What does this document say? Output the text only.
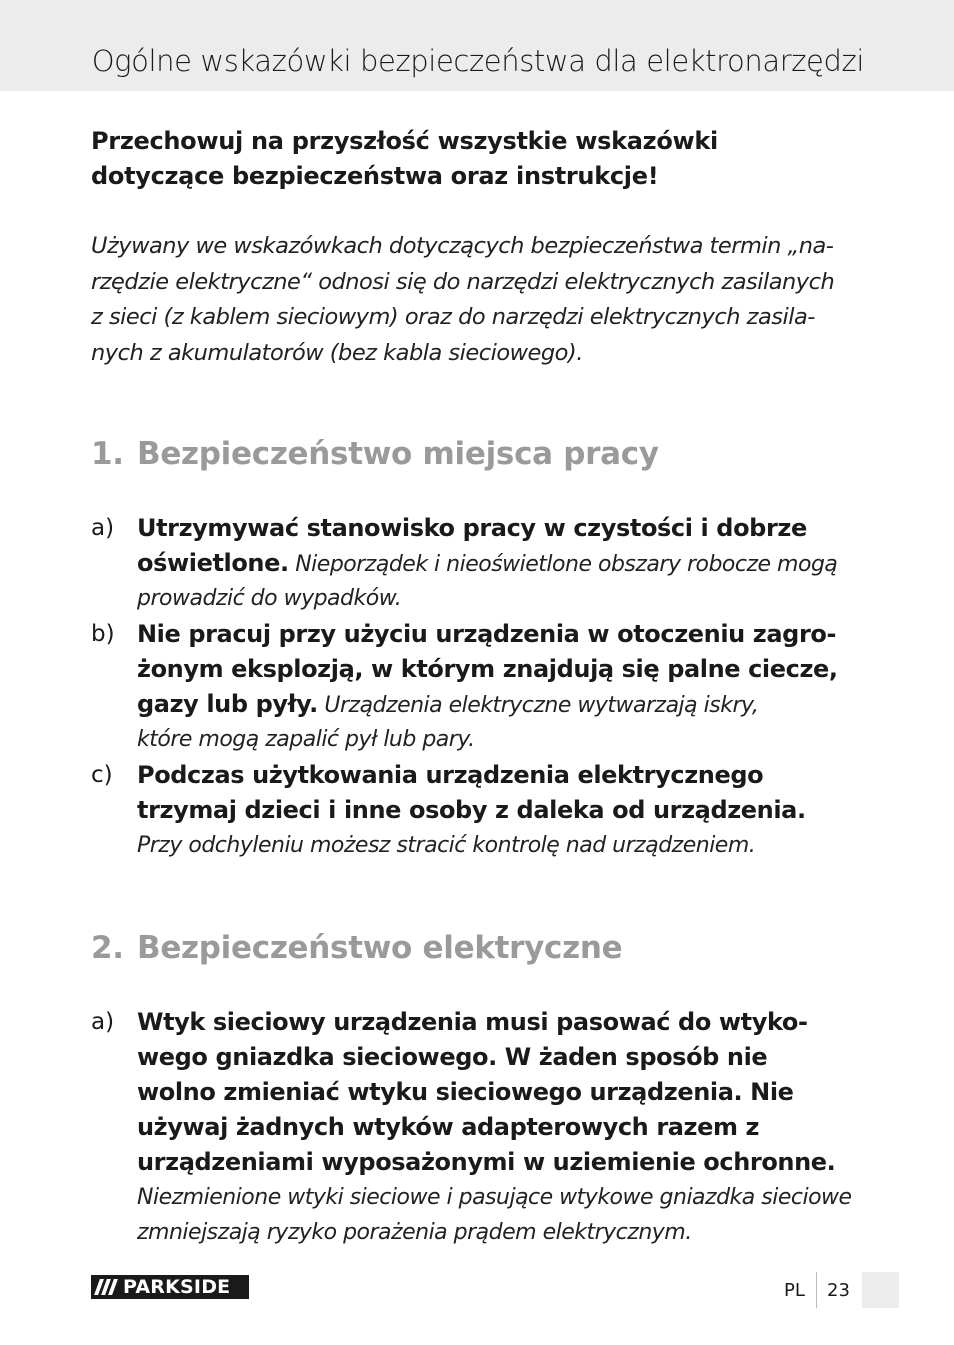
Ogólne wskazówki bezpieczeństwa dla elektronarzędzi
Przechowuj na przyszłość wszystkie wskazówki
dotyczące bezpieczeństwa oraz instrukcje!
Używany we wskazówkach dotyczących bezpieczeństwa termin „na-
rzędzie elektryczne“ odnosi się do narzędzi elektrycznych zasilanych
z sieci (z kablem sieciowym) oraz do narzędzi elektrycznych zasila-
nych z akumulatorów (bez kabla sieciowego).
1. Bezpieczeństwo miejsca pracy
a) Utrzymywać stanowisko pracy w czystości i dobrze
oświetlone. Nieporządek i nieoświetlone obszary robocze mogą
prowadzić do wypadków.
b) Nie pracuj przy użyciu urządzenia w otoczeniu zagro-
żonym eksplozją, w którym znajdują się palne ciecze,
gazy lub pyły. Urządzenia elektryczne wytwarzają iskry,
które mogą zapalić pył lub pary.
c) Podczas użytkowania urządzenia elektrycznego
trzymaj dzieci i inne osoby z daleka od urządzenia.
Przy odchyleniu możesz stracić kontrolę nad urządzeniem.
2. Bezpieczeństwo elektryczne
a) Wtyk sieciowy urządzenia musi pasować do wtyko-
wego gniazdka sieciowego. W żaden sposób nie
wolno zmieniać wtyku sieciowego urządzenia. Nie
używaj żadnych wtyków adapterowych razem z
urządzeniami wyposażonymi w uziemienie ochronne.
Niezmienione wtyki sieciowe i pasujące wtykowe gniazdka sieciowe
zmniejszają ryzyko porażenia prądem elektrycznym.
PARKSIDE	PL 23
